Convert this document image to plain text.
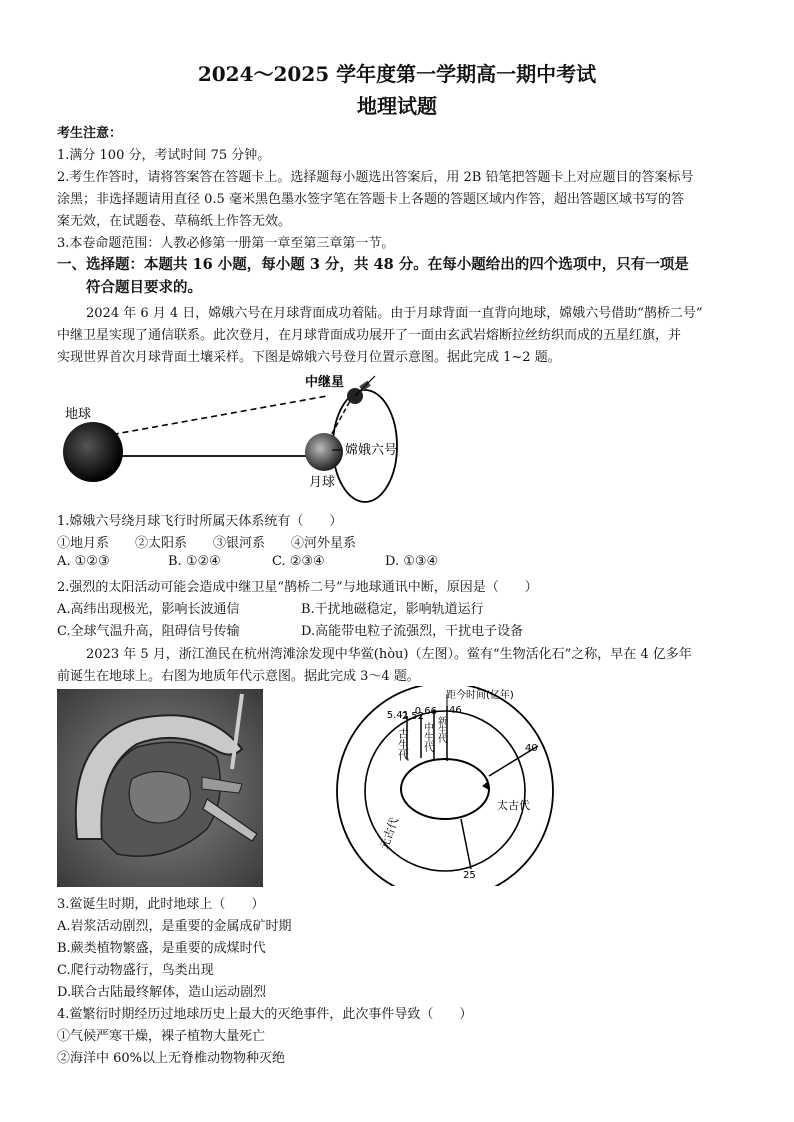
2024～2025 学年度第一学期高一期中考试
地理试题
考生注意：
1.满分 100 分，考试时间 75 分钟。
2.考生作答时，请将答案答在答题卡上。选择题每小题选出答案后，用 2B 铅笔把答题卡上对应题目的答案标号
涂黑；非选择题请用直径 0.5 毫米黑色墨水签字笔在答题卡上各题的答题区域内作答，超出答题区域书写的答
案无效，在试题卷、草稿纸上作答无效。
3.本卷命题范围：人教必修第一册第一章至第三章第一节。
一、选择题：本题共 16 小题，每小题 3 分，共 48 分。在每小题给出的四个选项中，只有一项是
符合题目要求的。
2024 年 6 月 4 日，嫦娥六号在月球背面成功着陆。由于月球背面一直背向地球，嫦娥六号借助“鹊桥二号”
中继卫星实现了通信联系。此次登月，在月球背面成功展开了一面由玄武岩熔断拉丝纺织而成的五星红旗，并
实现世界首次月球背面土壤采样。下图是嫦娥六号登月位置示意图。据此完成 1~2 题。
地球
中继星
嫦娥六号
月球
1.嫦娥六号绕月球飞行时所属天体系统有（　　）
①地月系　　②太阳系　　③银河系　　④河外星系
A. ①②③	B. ①②④	C. ②③④	D. ①③④
2.强烈的太阳活动可能会造成中继卫星“鹊桥二号”与地球通讯中断，原因是（　　）
A.高纬出现极光，影响长波通信	B.干扰地磁稳定，影响轨道运行
C.全球气温升高，阻碍信号传输	D.高能带电粒子流强烈，干扰电子设备
2023 年 5 月，浙江渔民在杭州湾滩涂发现中华鲎(hòu)（左图）。鲎有“生物活化石”之称，早在 4 亿多年
前诞生在地球上。右图为地质年代示意图。据此完成 3～4 题。
距今时间(亿年)
5.41
2.52
0.66 46
40
25
古生代 中生代 新生代
太古代
元古代
3.鲎诞生时期，此时地球上（　　）
A.岩浆活动剧烈，是重要的金属成矿时期
B.蕨类植物繁盛，是重要的成煤时代
C.爬行动物盛行，鸟类出现
D.联合古陆最终解体，造山运动剧烈
4.鲎繁衍时期经历过地球历史上最大的灭绝事件，此次事件导致（　　）
①气候严寒干燥，裸子植物大量死亡
②海洋中 60%以上无脊椎动物物种灭绝
